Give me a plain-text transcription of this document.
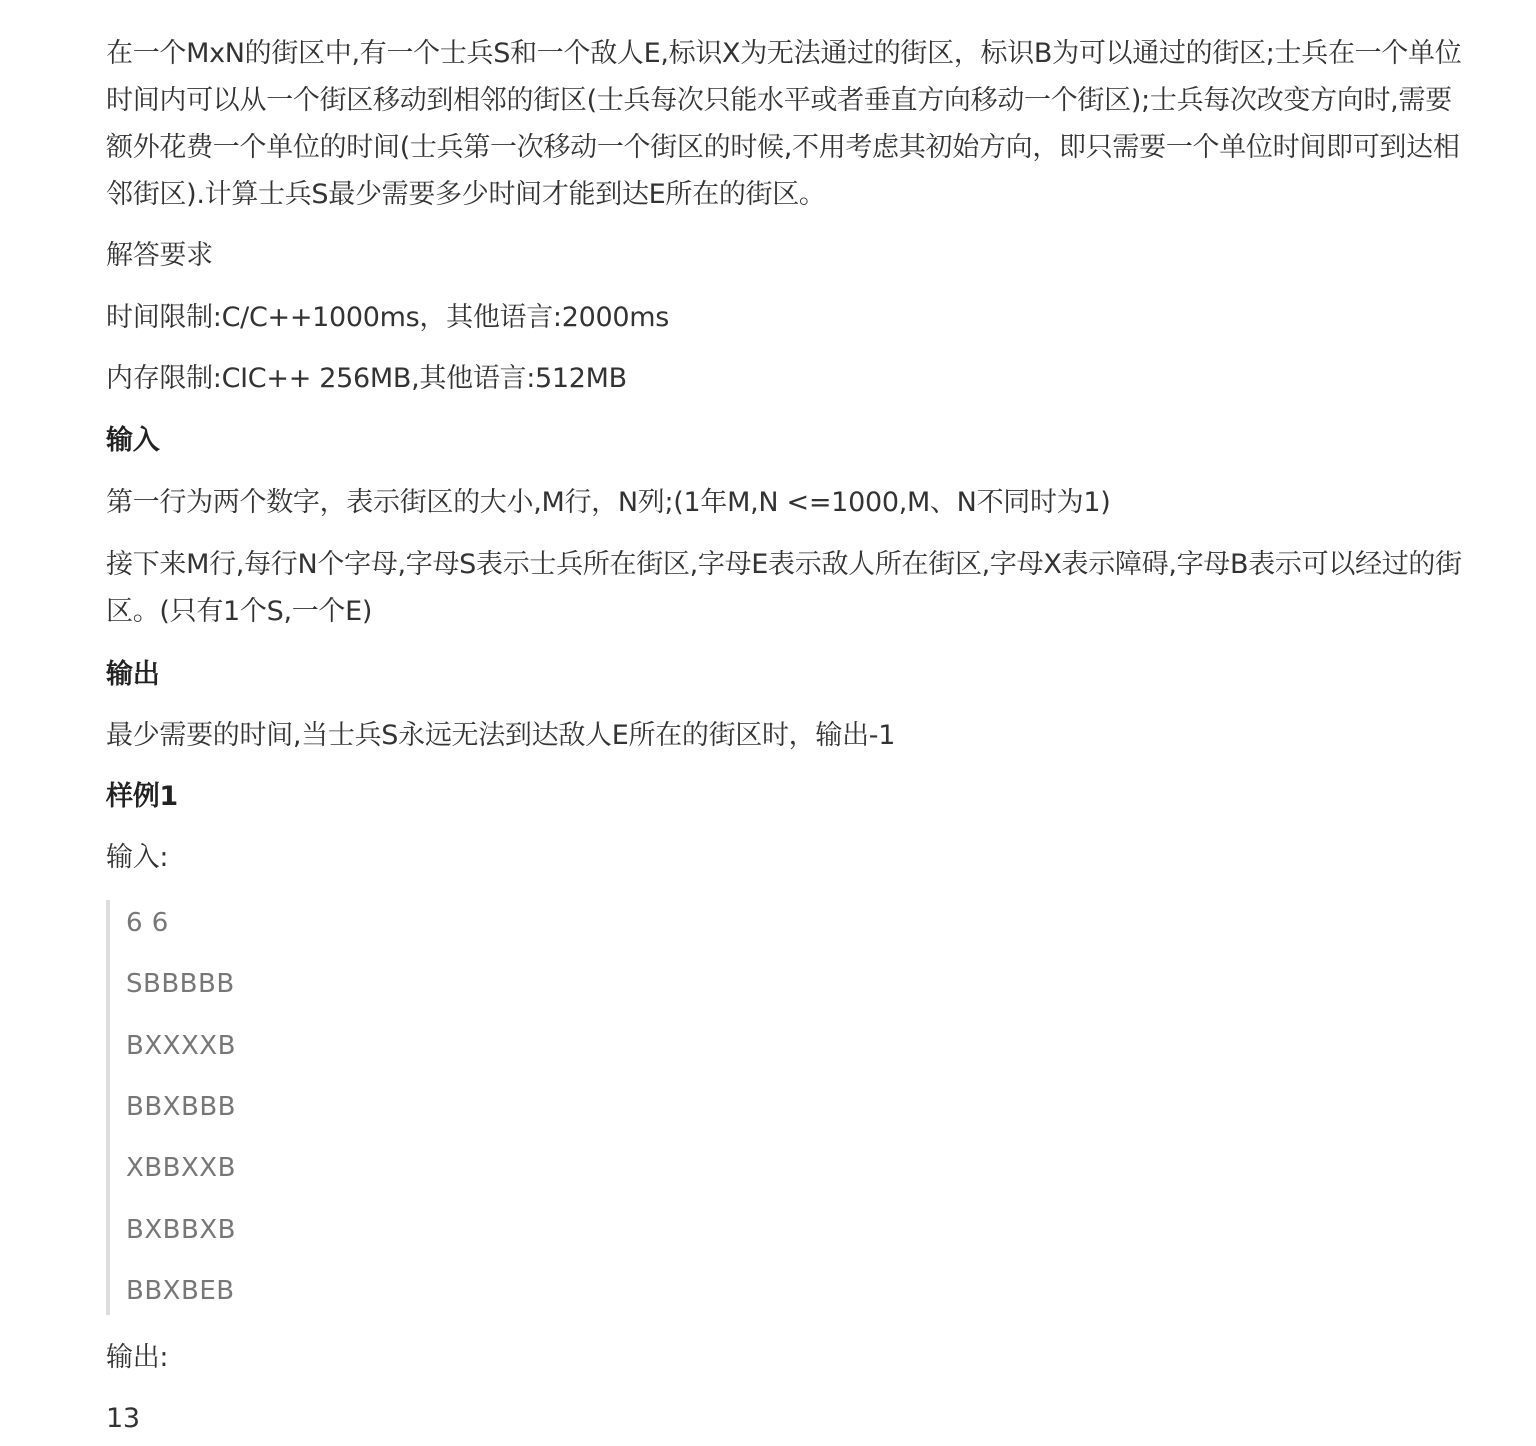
在一个MxN的街区中,有一个士兵S和一个敌人E,标识X为无法通过的街区，标识B为可以通过的街区;士兵在一个单位时间内可以从一个街区移动到相邻的街区(士兵每次只能水平或者垂直方向移动一个街区);士兵每次改变方向时,需要额外花费一个单位的时间(士兵第一次移动一个街区的时候,不用考虑其初始方向，即只需要一个单位时间即可到达相邻街区).计算士兵S最少需要多少时间才能到达E所在的街区。

解答要求
时间限制:C/C++1000ms，其他语言:2000ms
内存限制:CIC++ 256MB,其他语言:512MB
输入
第一行为两个数字，表示街区的大小,M行，N列;(1年M,N <=1000,M、N不同时为1)
接下来M行,每行N个字母,字母S表示士兵所在街区,字母E表示敌人所在街区,字母X表示障碍,字母B表示可以经过的街区。(只有1个S,一个E)
输出
最少需要的时间,当士兵S永远无法到达敌人E所在的街区时，输出-1
样例1
输入:
6 6
SBBBBB
BXXXXB
BBXBBB
XBBXXB
BXBBXB
BBXBEB
输出:
13
